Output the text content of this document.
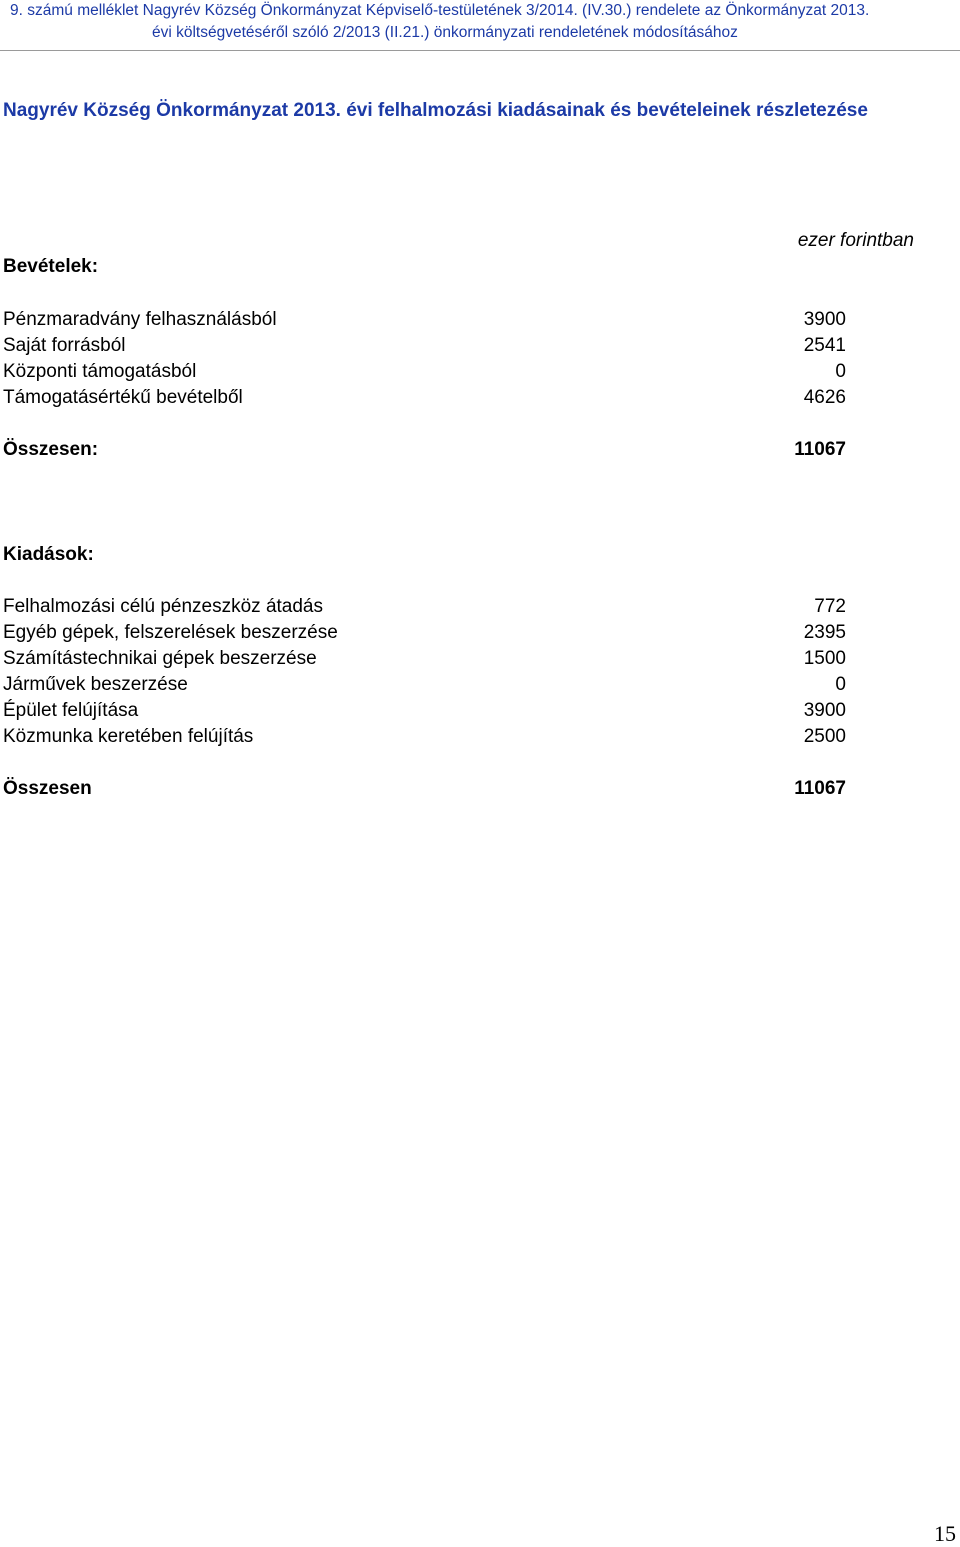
9. számú melléklet Nagyrév Község Önkormányzat Képviselő-testületének 3/2014. (IV.30.) rendelete az Önkormányzat 2013.
évi költségvetéséről szóló 2/2013 (II.21.) önkormányzati rendeletének módosításához
Nagyrév Község Önkormányzat 2013. évi felhalmozási kiadásainak és bevételeinek részletezése
ezer forintban
Bevételek:
Pénzmaradvány felhasználásból	3900
Saját forrásból	2541
Központi támogatásból	0
Támogatásértékű bevételből	4626
Összesen:	11067
Kiadások:
Felhalmozási célú pénzeszköz átadás	772
Egyéb gépek, felszerelések beszerzése	2395
Számítástechnikai gépek beszerzése	1500
Járművek beszerzése	0
Épület felújítása	3900
Közmunka keretében felújítás	2500
Összesen	11067
15
